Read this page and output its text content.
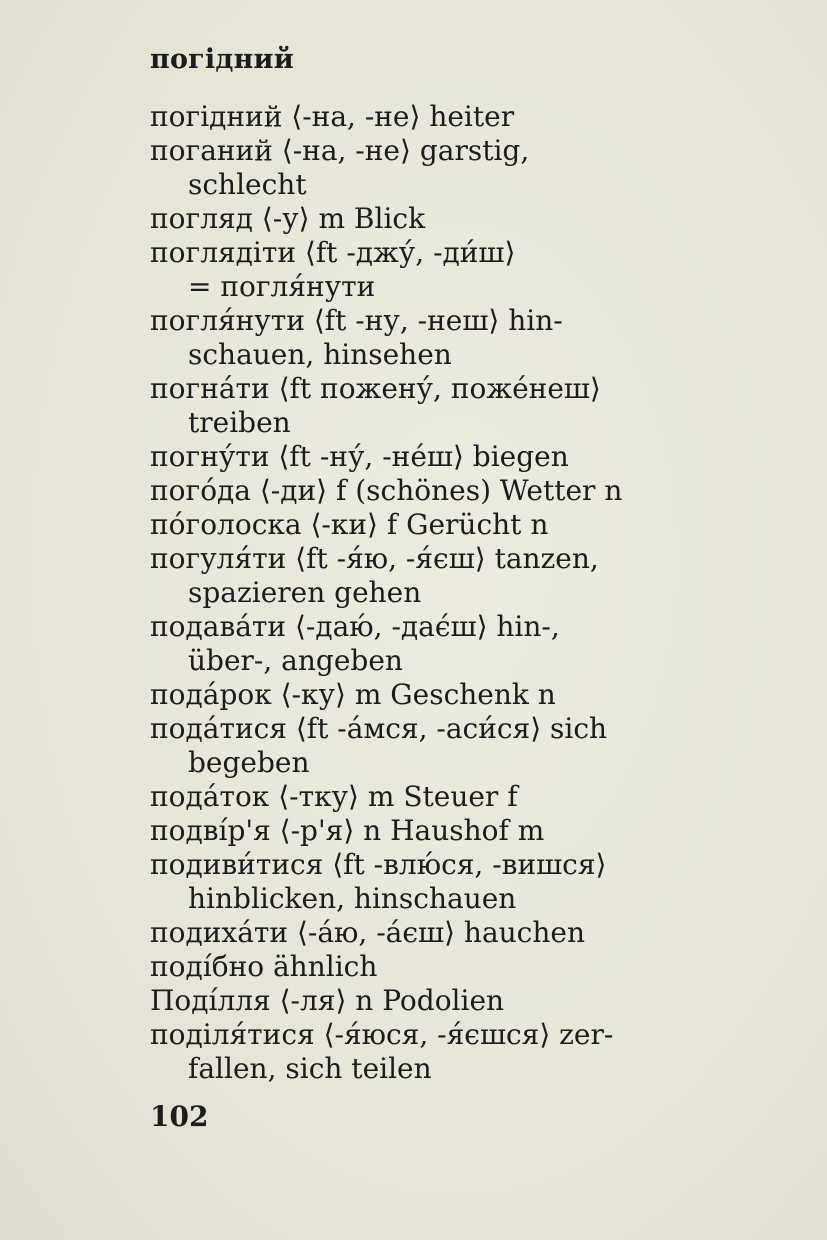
погідний

погідний ⟨-на, -не⟩ heiter

поганий ⟨-на, -не⟩ garstig,
schlecht

погляд ⟨-у⟩ m Blick

поглядіти ⟨ft -джу́, -ди́ш⟩
= погля́нути

погля́нути ⟨ft -ну, -неш⟩ hin-
schauen, hinsehen

погна́ти ⟨ft пожену́, поже́неш⟩
treiben

погну́ти ⟨ft -ну́, -не́ш⟩ biegen

пого́да ⟨-ди⟩ f (schönes) Wetter n

по́голоска ⟨-ки⟩ f Gerücht n

погуля́ти ⟨ft -я́ю, -я́єш⟩ tanzen,
spazieren gehen

подава́ти ⟨-даю́, -дає́ш⟩ hin-,
über-, angeben

пода́рок ⟨-ку⟩ m Geschenk n

пода́тися ⟨ft -а́мся, -аси́ся⟩ sich
begeben

пода́ток ⟨-тку⟩ m Steuer f

подві́р'я ⟨-р'я⟩ n Haushof m

подиви́тися ⟨ft -влю́ся, -вишся⟩
hinblicken, hinschauen

подиха́ти ⟨-а́ю, -а́єш⟩ hauchen

поді́бно ähnlich

Поді́лля ⟨-ля⟩ n Podolien

поділя́тися ⟨-я́юся, -я́єшся⟩ zer-
fallen, sich teilen

102
